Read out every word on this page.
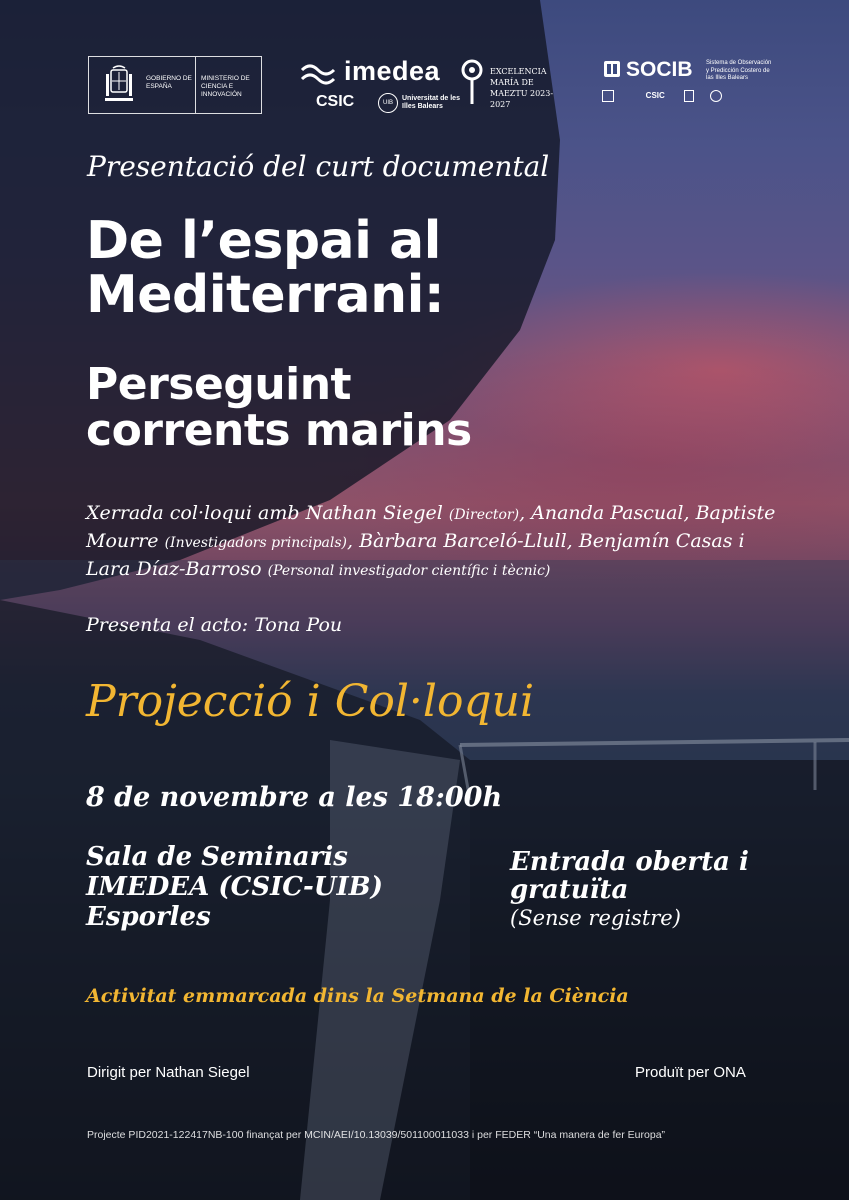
GOBIERNO DE ESPAÑA
MINISTERIO DE CIENCIA E INNOVACIÓN
imedea
CSIC	UIB
Universitat de les Illes Balears
EXCELENCIA MARÍA DE MAEZTU 2023-2027
SOCIB Sistema de Observación y Predicción Costero de las Illes Balears
CSIC
Presentació del curt documental
De l’espai al
Mediterrani:
Perseguint
corrents marins
Xerrada col·loqui amb Nathan Siegel (Director), Ananda Pascual, Baptiste Mourre (Investigadors principals), Bàrbara Barceló-Llull, Benjamín Casas i Lara Díaz-Barroso (Personal investigador científic i tècnic)
Presenta el acto: Tona Pou
Projecció i Col·loqui
8 de novembre a les 18:00h
Sala de Seminaris
IMEDEA (CSIC-UIB)
Esporles
Entrada oberta i
gratuïta
(Sense registre)
Activitat emmarcada dins la Setmana de la Ciència
Dirigit per Nathan Siegel	Produït per ONA
Projecte PID2021-122417NB-100 finançat per MCIN/AEI/10.13039/501100011033 i per FEDER “Una manera de fer Europa”
